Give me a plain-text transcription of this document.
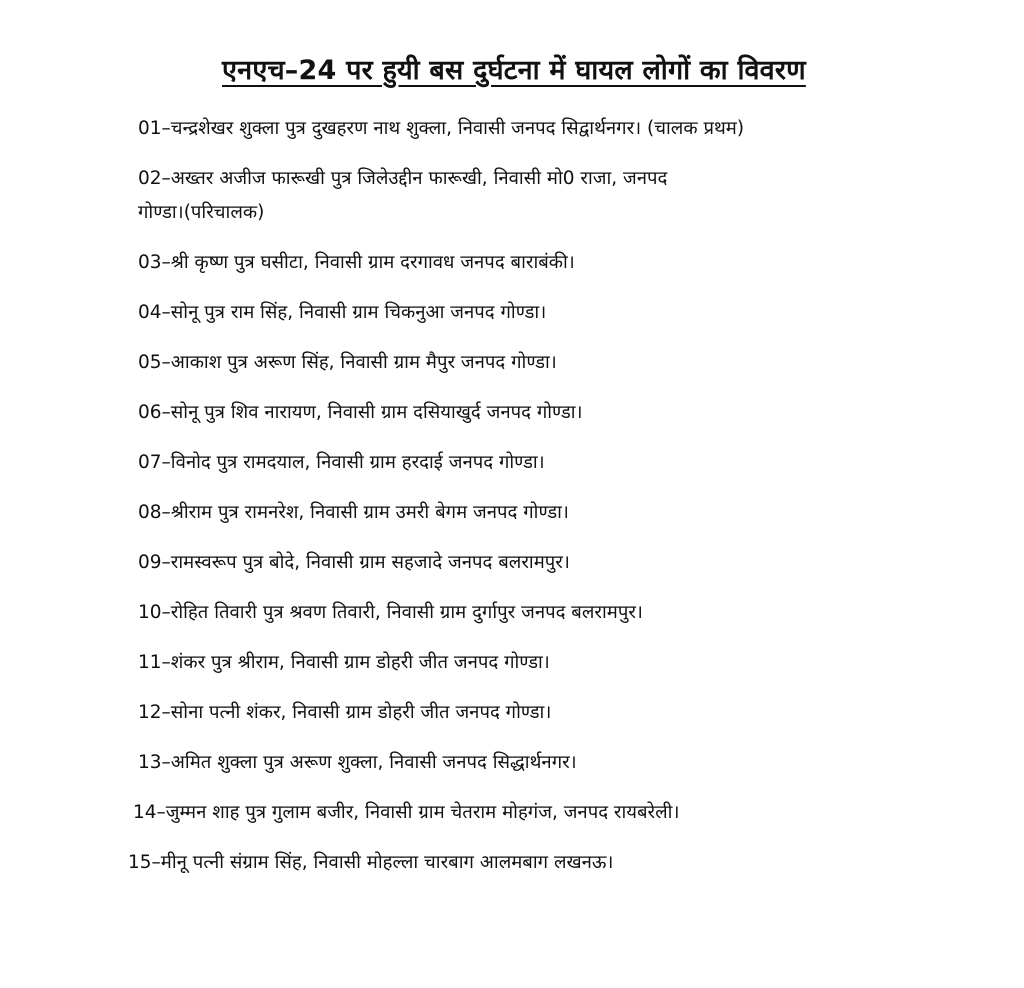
एनएच–24 पर हुयी बस दुर्घटना में घायल लोगों का विवरण
01–चन्द्रशेखर शुक्ला पुत्र दुखहरण नाथ शुक्ला, निवासी जनपद सिद्वार्थनगर। (चालक प्रथम)
02–अख्तर अजीज फारूखी पुत्र जिलेउद्दीन फारूखी, निवासी मो0 राजा, जनपद
गोण्डा।(परिचालक)
03–श्री कृष्ण पुत्र घसीटा, निवासी ग्राम दरगावध जनपद बाराबंकी।
04–सोनू पुत्र राम सिंह, निवासी ग्राम चिकनुआ जनपद गोण्डा।
05–आकाश पुत्र अरूण सिंह, निवासी ग्राम मैपुर जनपद गोण्डा।
06–सोनू पुत्र शिव नारायण, निवासी ग्राम दसियाखुर्द जनपद गोण्डा।
07–विनोद पुत्र रामदयाल, निवासी ग्राम हरदाई जनपद गोण्डा।
08–श्रीराम पुत्र रामनरेश, निवासी ग्राम उमरी बेगम जनपद गोण्डा।
09–रामस्वरूप पुत्र बोदे, निवासी ग्राम सहजादे जनपद बलरामपुर।
10–रोहित तिवारी पुत्र श्रवण तिवारी, निवासी ग्राम दुर्गापुर जनपद बलरामपुर।
11–शंकर पुत्र श्रीराम, निवासी ग्राम डोहरी जीत जनपद गोण्डा।
12–सोना पत्नी शंकर, निवासी ग्राम डोहरी जीत जनपद गोण्डा।
13–अमित शुक्ला पुत्र अरूण शुक्ला, निवासी जनपद सिद्धार्थनगर।
14–जुम्मन शाह पुत्र गुलाम बजीर, निवासी ग्राम चेतराम मोहगंज, जनपद रायबरेली।
15–मीनू पत्नी संग्राम सिंह, निवासी मोहल्ला चारबाग आलमबाग लखनऊ।
